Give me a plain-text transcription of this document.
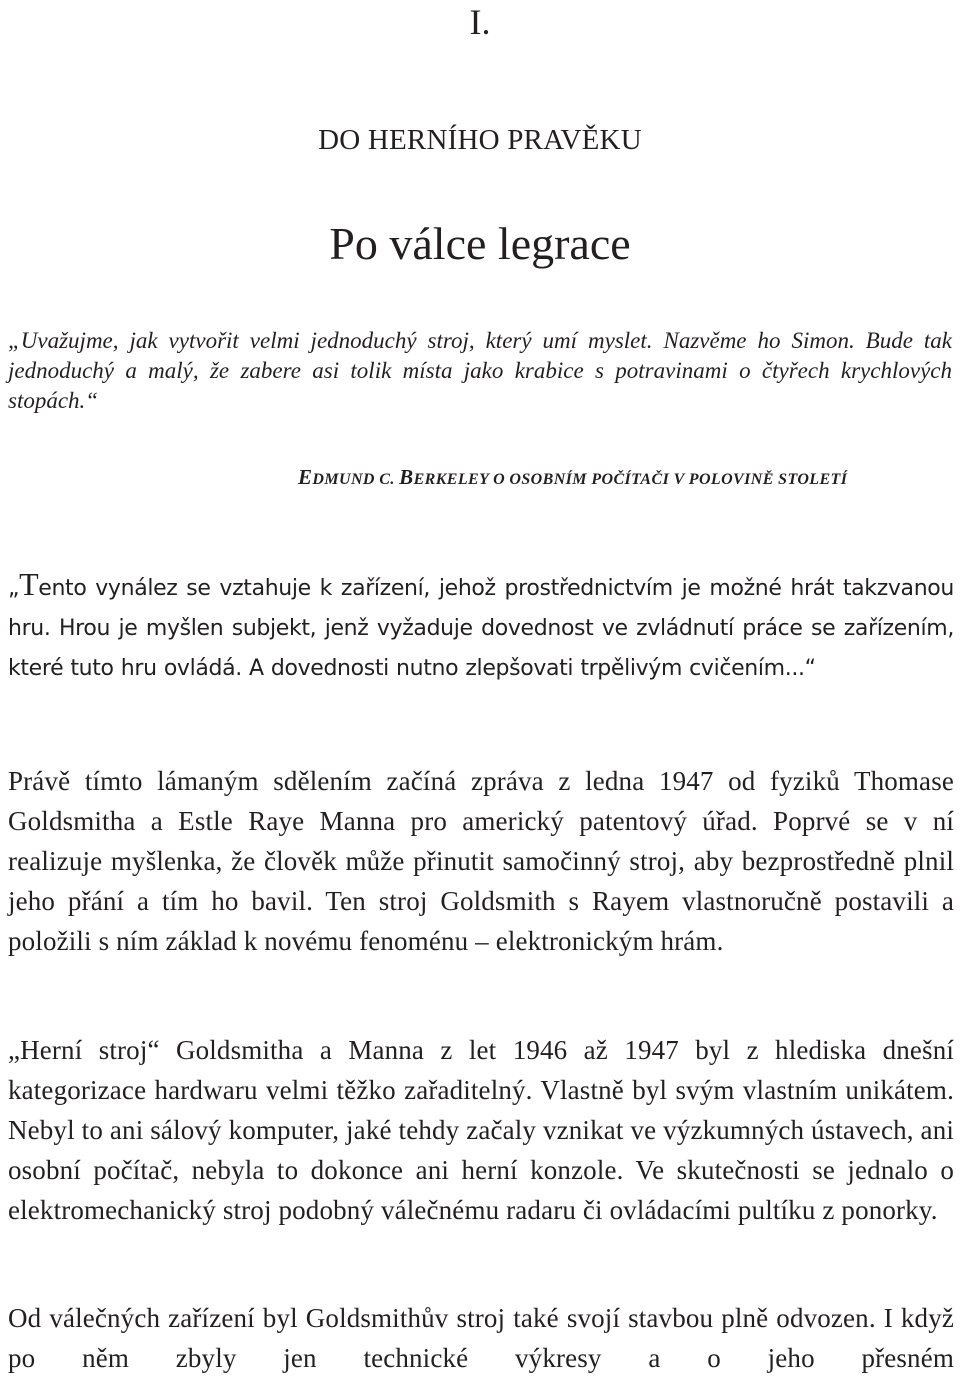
I.
DO HERNÍHO PRAVĚKU
Po válce legrace
„Uvažujme, jak vytvořit velmi jednoduchý stroj, který umí myslet. Nazvěme ho Simon. Bude tak jednoduchý a malý, že zabere asi tolik místa jako krabice s potravinami o čtyřech krychlových stopách.“
EDMUND C. BERKELEY O OSOBNÍM POČÍTAČI V POLOVINĚ STOLETÍ
„Tento vynález se vztahuje k zařízení, jehož prostřednictvím je možné hrát takzvanou hru. Hrou je myšlen subjekt, jenž vyžaduje dovednost ve zvládnutí práce se zařízením, které tuto hru ovládá. A dovednosti nutno zlepšovati trpělivým cvičením...“
Právě tímto lámaným sdělením začíná zpráva z ledna 1947 od fyziků Thomase Goldsmitha a Estle Raye Manna pro americký patentový úřad. Poprvé se v ní realizuje myšlenka, že člověk může přinutit samočinný stroj, aby bezprostředně plnil jeho přání a tím ho bavil. Ten stroj Goldsmith s Rayem vlastnoručně postavili a položili s ním základ k novému fenoménu – elektronickým hrám.
„Herní stroj“ Goldsmitha a Manna z let 1946 až 1947 byl z hlediska dnešní kategorizace hardwaru velmi těžko zařaditelný. Vlastně byl svým vlastním unikátem. Nebyl to ani sálový komputer, jaké tehdy začaly vznikat ve výzkumných ústavech, ani osobní počítač, nebyla to dokonce ani herní konzole. Ve skutečnosti se jednalo o elektromechanický stroj podobný válečnému radaru či ovládacími pultíku z ponorky.
Od válečných zařízení byl Goldsmithův stroj také svojí stavbou plně odvozen. I když po něm zbyly jen technické výkresy a o jeho přesném
